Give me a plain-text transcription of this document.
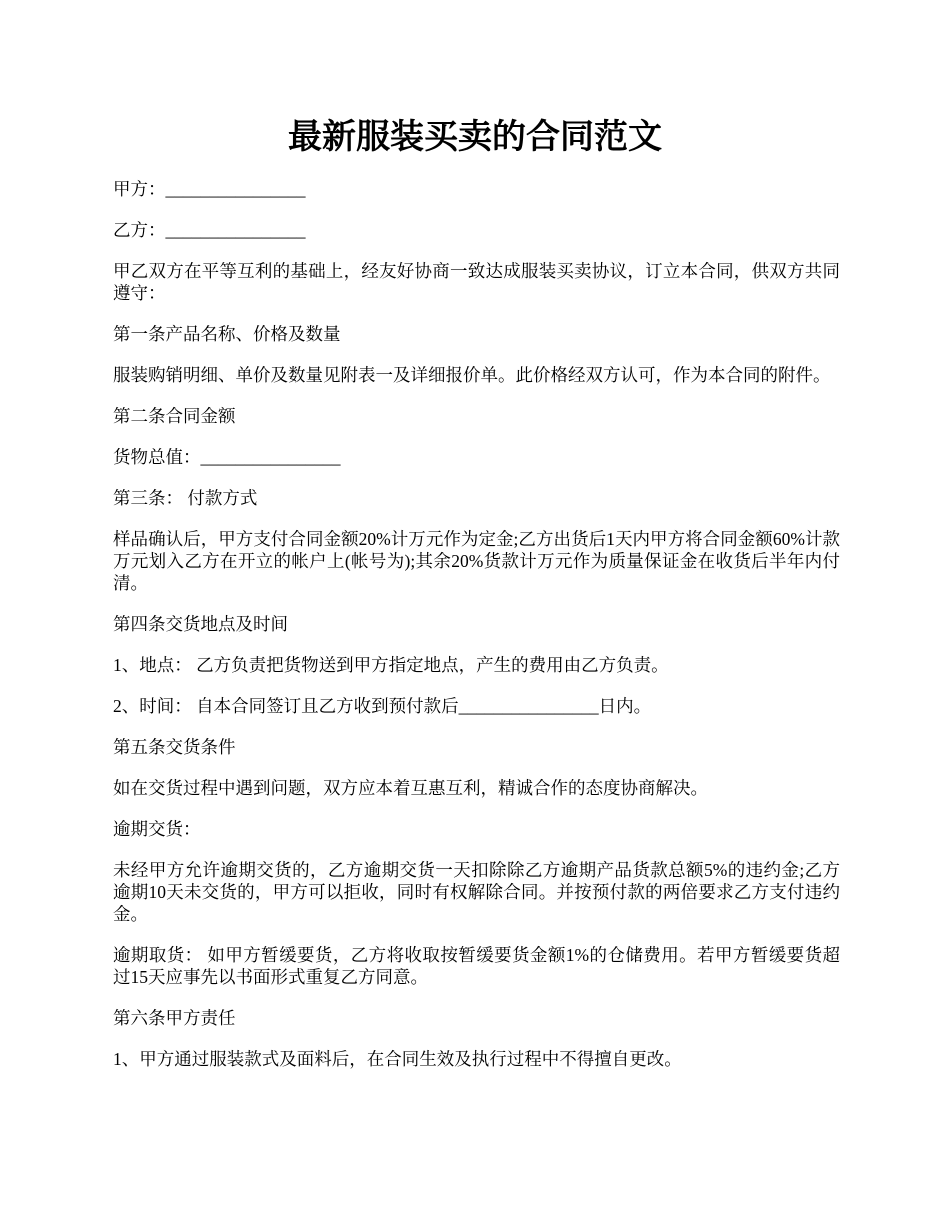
最新服装买卖的合同范文

甲方：________________

乙方：________________

甲乙双方在平等互利的基础上，经友好协商一致达成服装买卖协议，订立本合同，供双方共同遵守：

第一条产品名称、价格及数量

服装购销明细、单价及数量见附表一及详细报价单。此价格经双方认可，作为本合同的附件。

第二条合同金额

货物总值：________________

第三条： 付款方式

样品确认后，甲方支付合同金额20%计万元作为定金;乙方出货后1天内甲方将合同金额60%计款万元划入乙方在开立的帐户上(帐号为);其余20%货款计万元作为质量保证金在收货后半年内付清。

第四条交货地点及时间

1、地点： 乙方负责把货物送到甲方指定地点，产生的费用由乙方负责。

2、时间： 自本合同签订且乙方收到预付款后________________日内。

第五条交货条件

如在交货过程中遇到问题，双方应本着互惠互利，精诚合作的态度协商解决。

逾期交货：

未经甲方允许逾期交货的，乙方逾期交货一天扣除除乙方逾期产品货款总额5%的违约金;乙方逾期10天未交货的，甲方可以拒收，同时有权解除合同。并按预付款的两倍要求乙方支付违约金。

逾期取货： 如甲方暂缓要货，乙方将收取按暂缓要货金额1%的仓储费用。若甲方暂缓要货超过15天应事先以书面形式重复乙方同意。

第六条甲方责任

1、甲方通过服装款式及面料后，在合同生效及执行过程中不得擅自更改。
